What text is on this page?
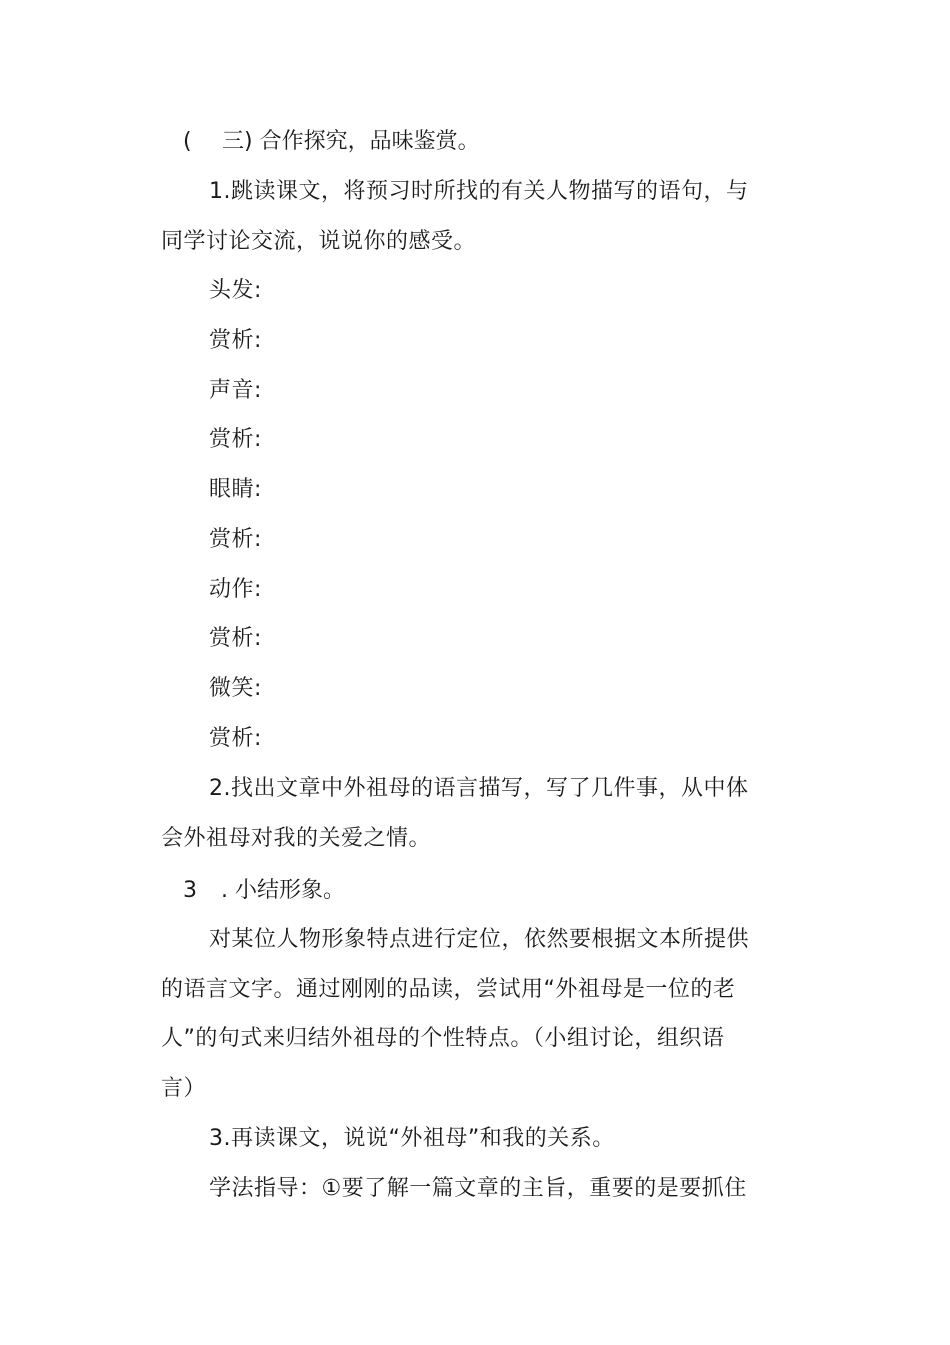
( 三) 合作探究，品味鉴赏。
1.跳读课文，将预习时所找的有关人物描写的语句，与
同学讨论交流，说说你的感受。
头发:
赏析:
声音:
赏析:
眼睛:
赏析:
动作:
赏析:
微笑:
赏析:
2.找出文章中外祖母的语言描写，写了几件事，从中体
会外祖母对我的关爱之情。
3 . 小结形象。
对某位人物形象特点进行定位，依然要根据文本所提供
的语言文字。通过刚刚的品读，尝试用“外祖母是一位的老
人”的句式来归结外祖母的个性特点。（小组讨论，组织语
言）
3.再读课文，说说“外祖母”和我的关系。
学法指导：①要了解一篇文章的主旨，重要的是要抓住
